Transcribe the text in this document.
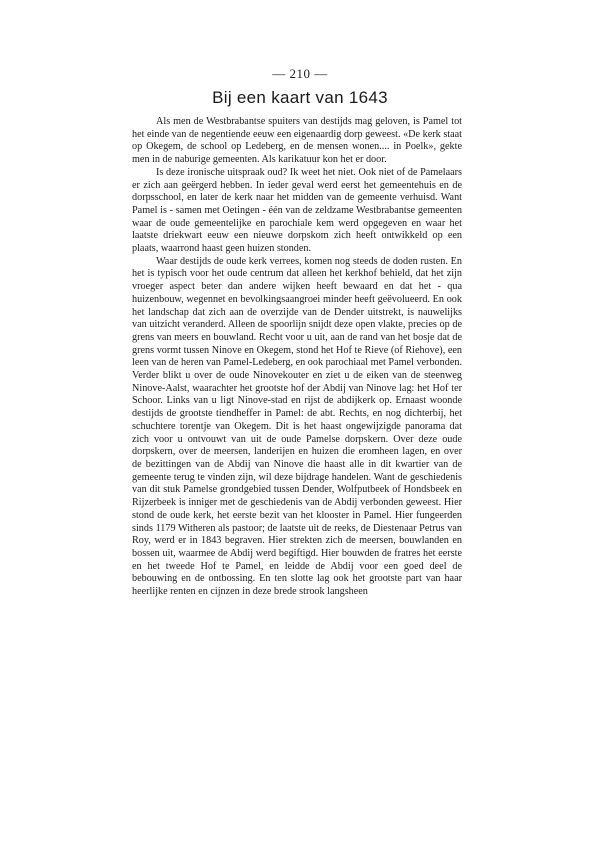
— 210 —
Bij een kaart van 1643

Als men de Westbrabantse spuiters van destijds mag geloven, is Pamel tot het einde van de negentiende eeuw een eigenaardig dorp geweest. «De kerk staat op Okegem, de school op Ledeberg, en de mensen wonen.... in Poelk», gekte men in de naburige gemeenten. Als karikatuur kon het er door.

Is deze ironische uitspraak oud? Ik weet het niet. Ook niet of de Pamelaars er zich aan geërgerd hebben. In ieder geval werd eerst het gemeentehuis en de dorpsschool, en later de kerk naar het midden van de gemeente verhuisd. Want Pamel is - samen met Oetingen - één van de zeldzame Westbrabantse gemeenten waar de oude gemeentelijke en parochiale kem werd opgegeven en waar het laatste driekwart eeuw een nieuwe dorpskom zich heeft ontwikkeld op een plaats, waarrond haast geen huizen stonden.

Waar destijds de oude kerk verrees, komen nog steeds de doden rusten. En het is typisch voor het oude centrum dat alleen het kerkhof behield, dat het zijn vroeger aspect beter dan andere wijken heeft bewaard en dat het - qua huizenbouw, wegennet en bevolkingsaangroei minder heeft geëvolueerd. En ook het landschap dat zich aan de overzijde van de Dender uitstrekt, is nauwelijks van uitzicht veranderd. Alleen de spoorlijn snijdt deze open vlakte, precies op de grens van meers en bouwland. Recht voor u uit, aan de rand van het bosje dat de grens vormt tussen Ninove en Okegem, stond het Hof te Rieve (of Riehove), een leen van de heren van Pamel-Ledeberg, en ook parochiaal met Pamel verbonden. Verder blikt u over de oude Ninovekouter en ziet u de eiken van de steenweg Ninove-Aalst, waarachter het grootste hof der Abdij van Ninove lag: het Hof ter Schoor. Links van u ligt Ninove-stad en rijst de abdijkerk op. Ernaast woonde destijds de grootste tiendheffer in Pamel: de abt. Rechts, en nog dichterbij, het schuchtere torentje van Okegem. Dit is het haast ongewijzigde panorama dat zich voor u ontvouwt van uit de oude Pamelse dorpskern. Over deze oude dorpskern, over de meersen, landerijen en huizen die eromheen lagen, en over de bezittingen van de Abdij van Ninove die haast alle in dit kwartier van de gemeente terug te vinden zijn, wil deze bijdrage handelen. Want de geschiedenis van dit stuk Pamelse grondgebied tussen Dender, Wolfputbeek of Hondsbeek en Rijzerbeek is inniger met de geschiedenis van de Abdij verbonden geweest. Hier stond de oude kerk, het eerste bezit van het klooster in Pamel. Hier fungeerden sinds 1179 Witheren als pastoor; de laatste uit de reeks, de Diestenaar Petrus van Roy, werd er in 1843 begraven. Hier strekten zich de meersen, bouwlanden en bossen uit, waarmee de Abdij werd begiftigd. Hier bouwden de fratres het eerste en het tweede Hof te Pamel, en leidde de Abdij voor een goed deel de bebouwing en de ontbossing. En ten slotte lag ook het grootste part van haar heerlijke renten en cijnzen in deze brede strook langsheen
